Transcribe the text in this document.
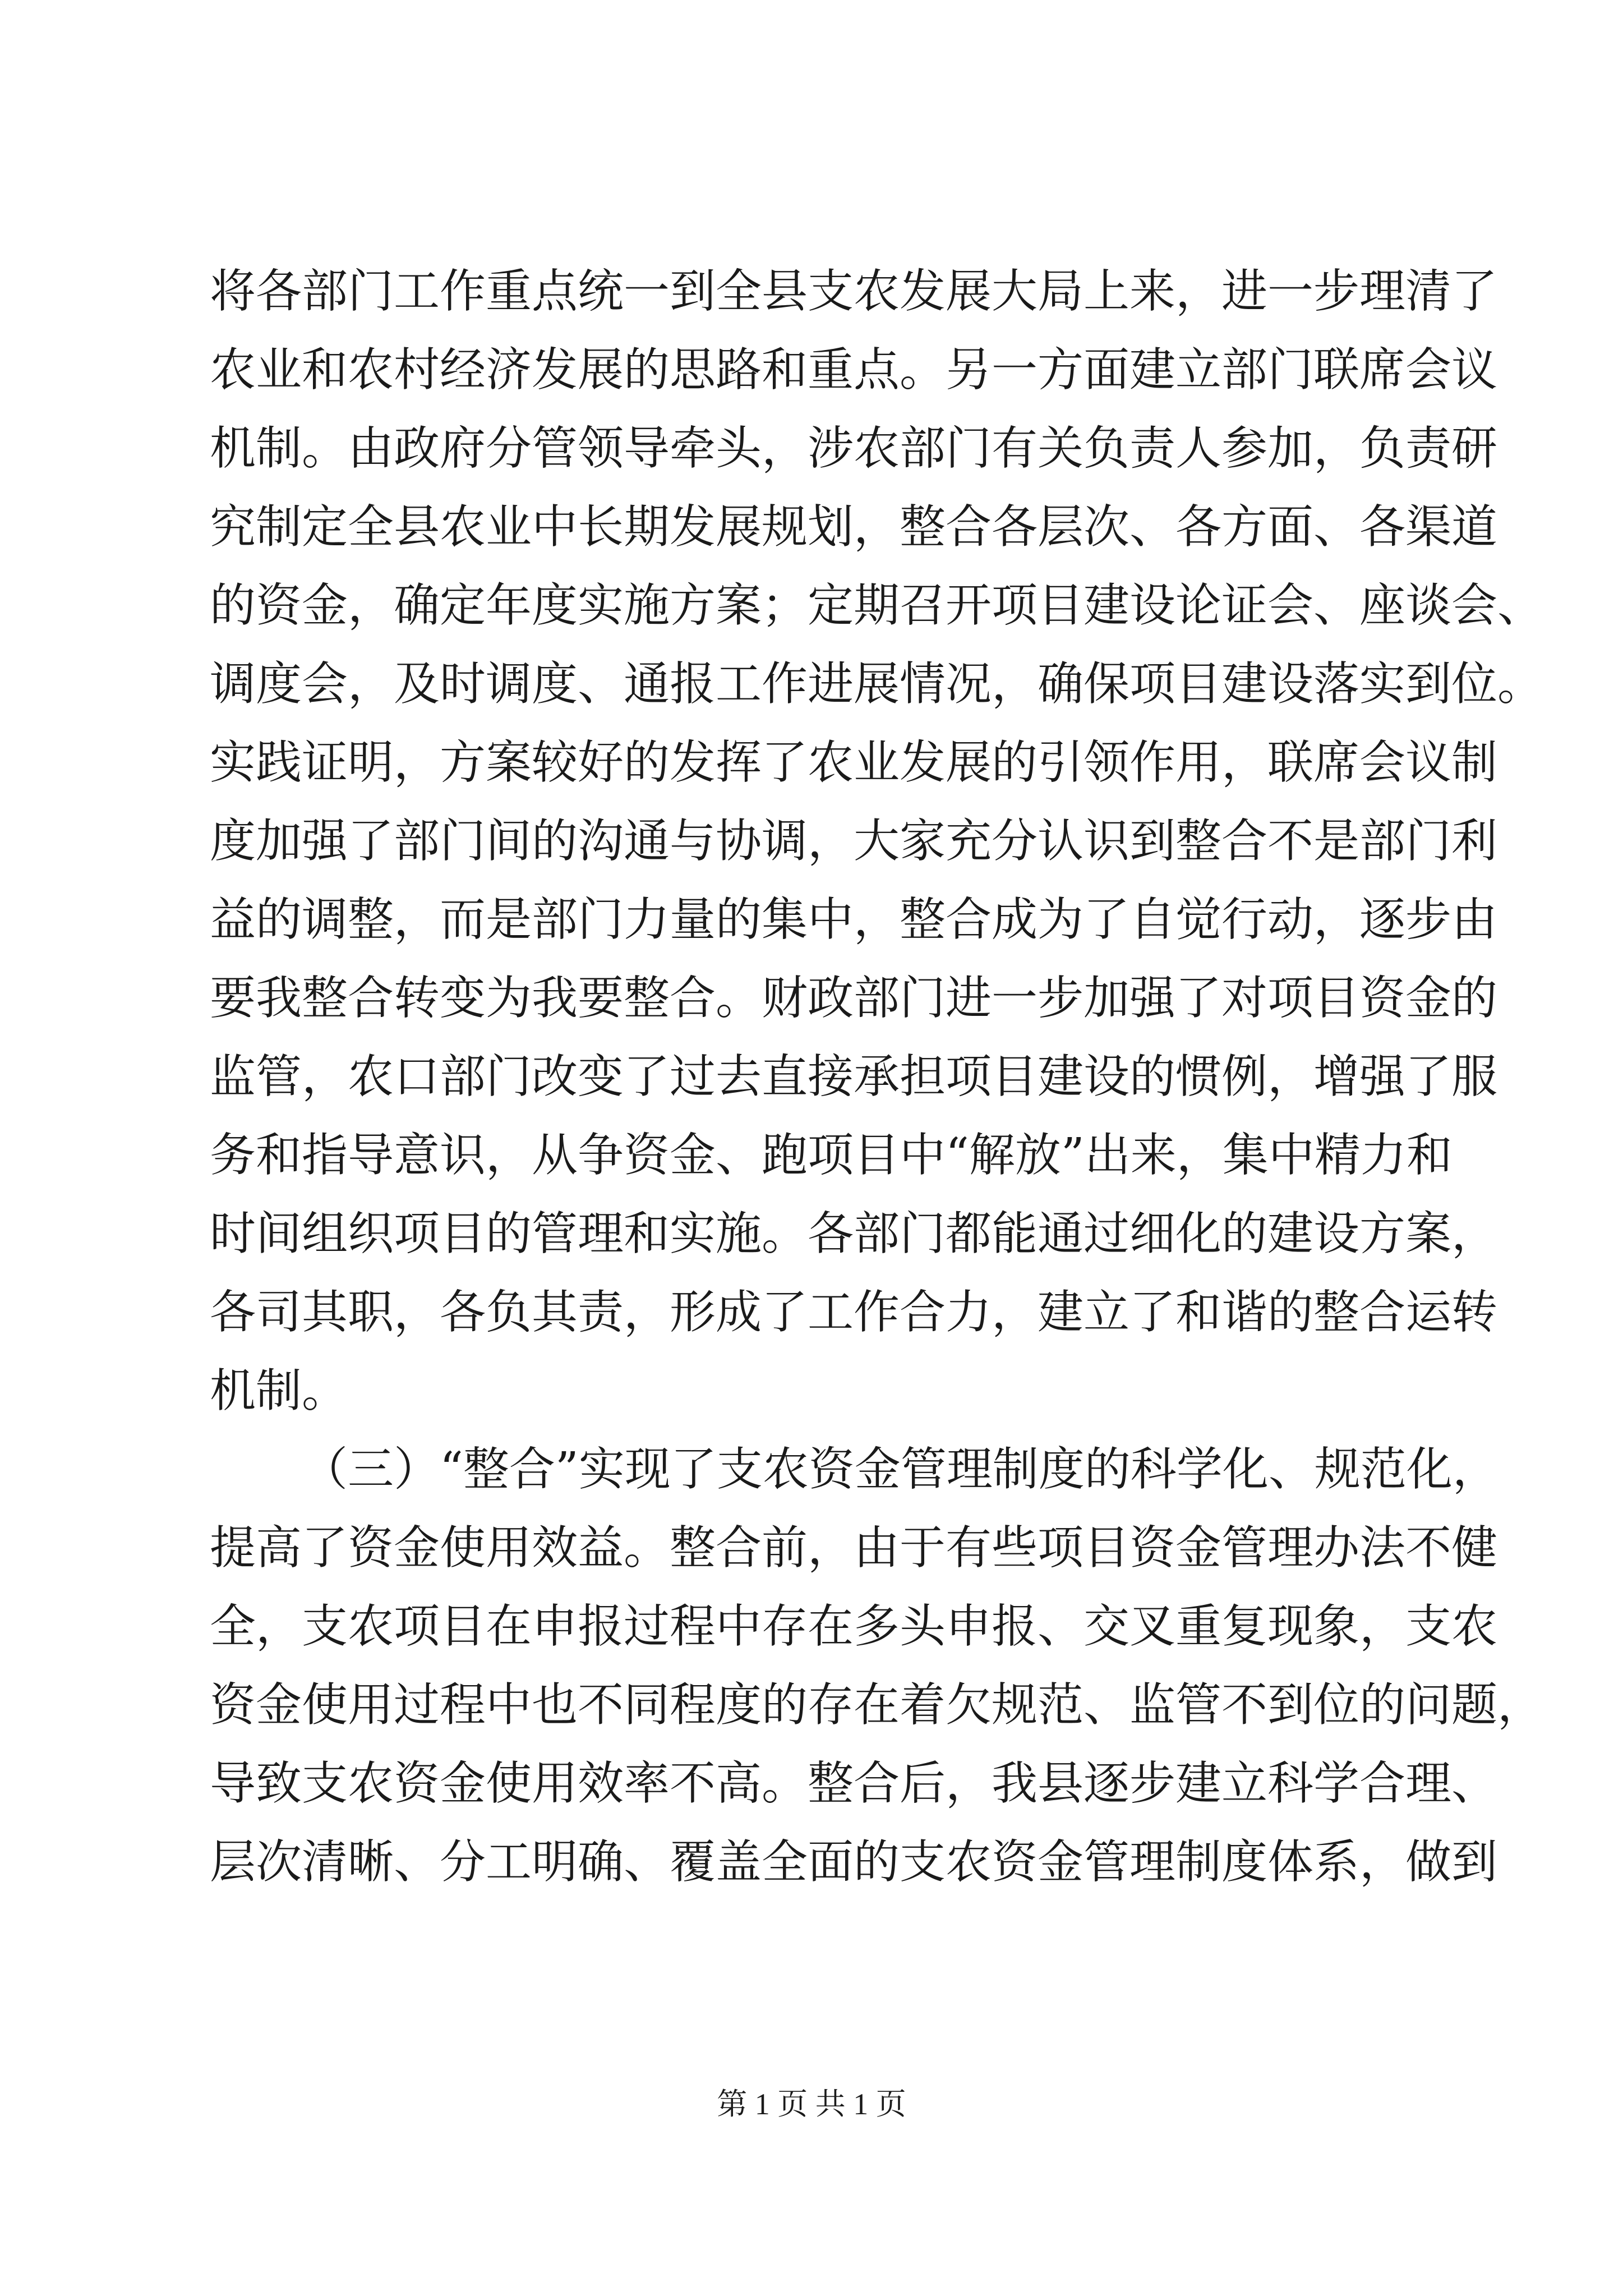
将各部门工作重点统一到全县支农发展大局上来，进一步理清了
农业和农村经济发展的思路和重点。另一方面建立部门联席会议
机制。由政府分管领导牵头，涉农部门有关负责人参加，负责研
究制定全县农业中长期发展规划，整合各层次、各方面、各渠道
的资金，确定年度实施方案；定期召开项目建设论证会、座谈会、
调度会，及时调度、通报工作进展情况，确保项目建设落实到位。
实践证明，方案较好的发挥了农业发展的引领作用，联席会议制
度加强了部门间的沟通与协调，大家充分认识到整合不是部门利
益的调整，而是部门力量的集中，整合成为了自觉行动，逐步由
要我整合转变为我要整合。财政部门进一步加强了对项目资金的
监管，农口部门改变了过去直接承担项目建设的惯例，增强了服
务和指导意识，从争资金、跑项目中“解放”出来，集中精力和
时间组织项目的管理和实施。各部门都能通过细化的建设方案，
各司其职，各负其责，形成了工作合力，建立了和谐的整合运转
机制。
（三）“整合”实现了支农资金管理制度的科学化、规范化，
提高了资金使用效益。整合前，由于有些项目资金管理办法不健
全，支农项目在申报过程中存在多头申报、交叉重复现象，支农
资金使用过程中也不同程度的存在着欠规范、监管不到位的问题，
导致支农资金使用效率不高。整合后，我县逐步建立科学合理、
层次清晰、分工明确、覆盖全面的支农资金管理制度体系，做到
第 1 页 共 1 页
